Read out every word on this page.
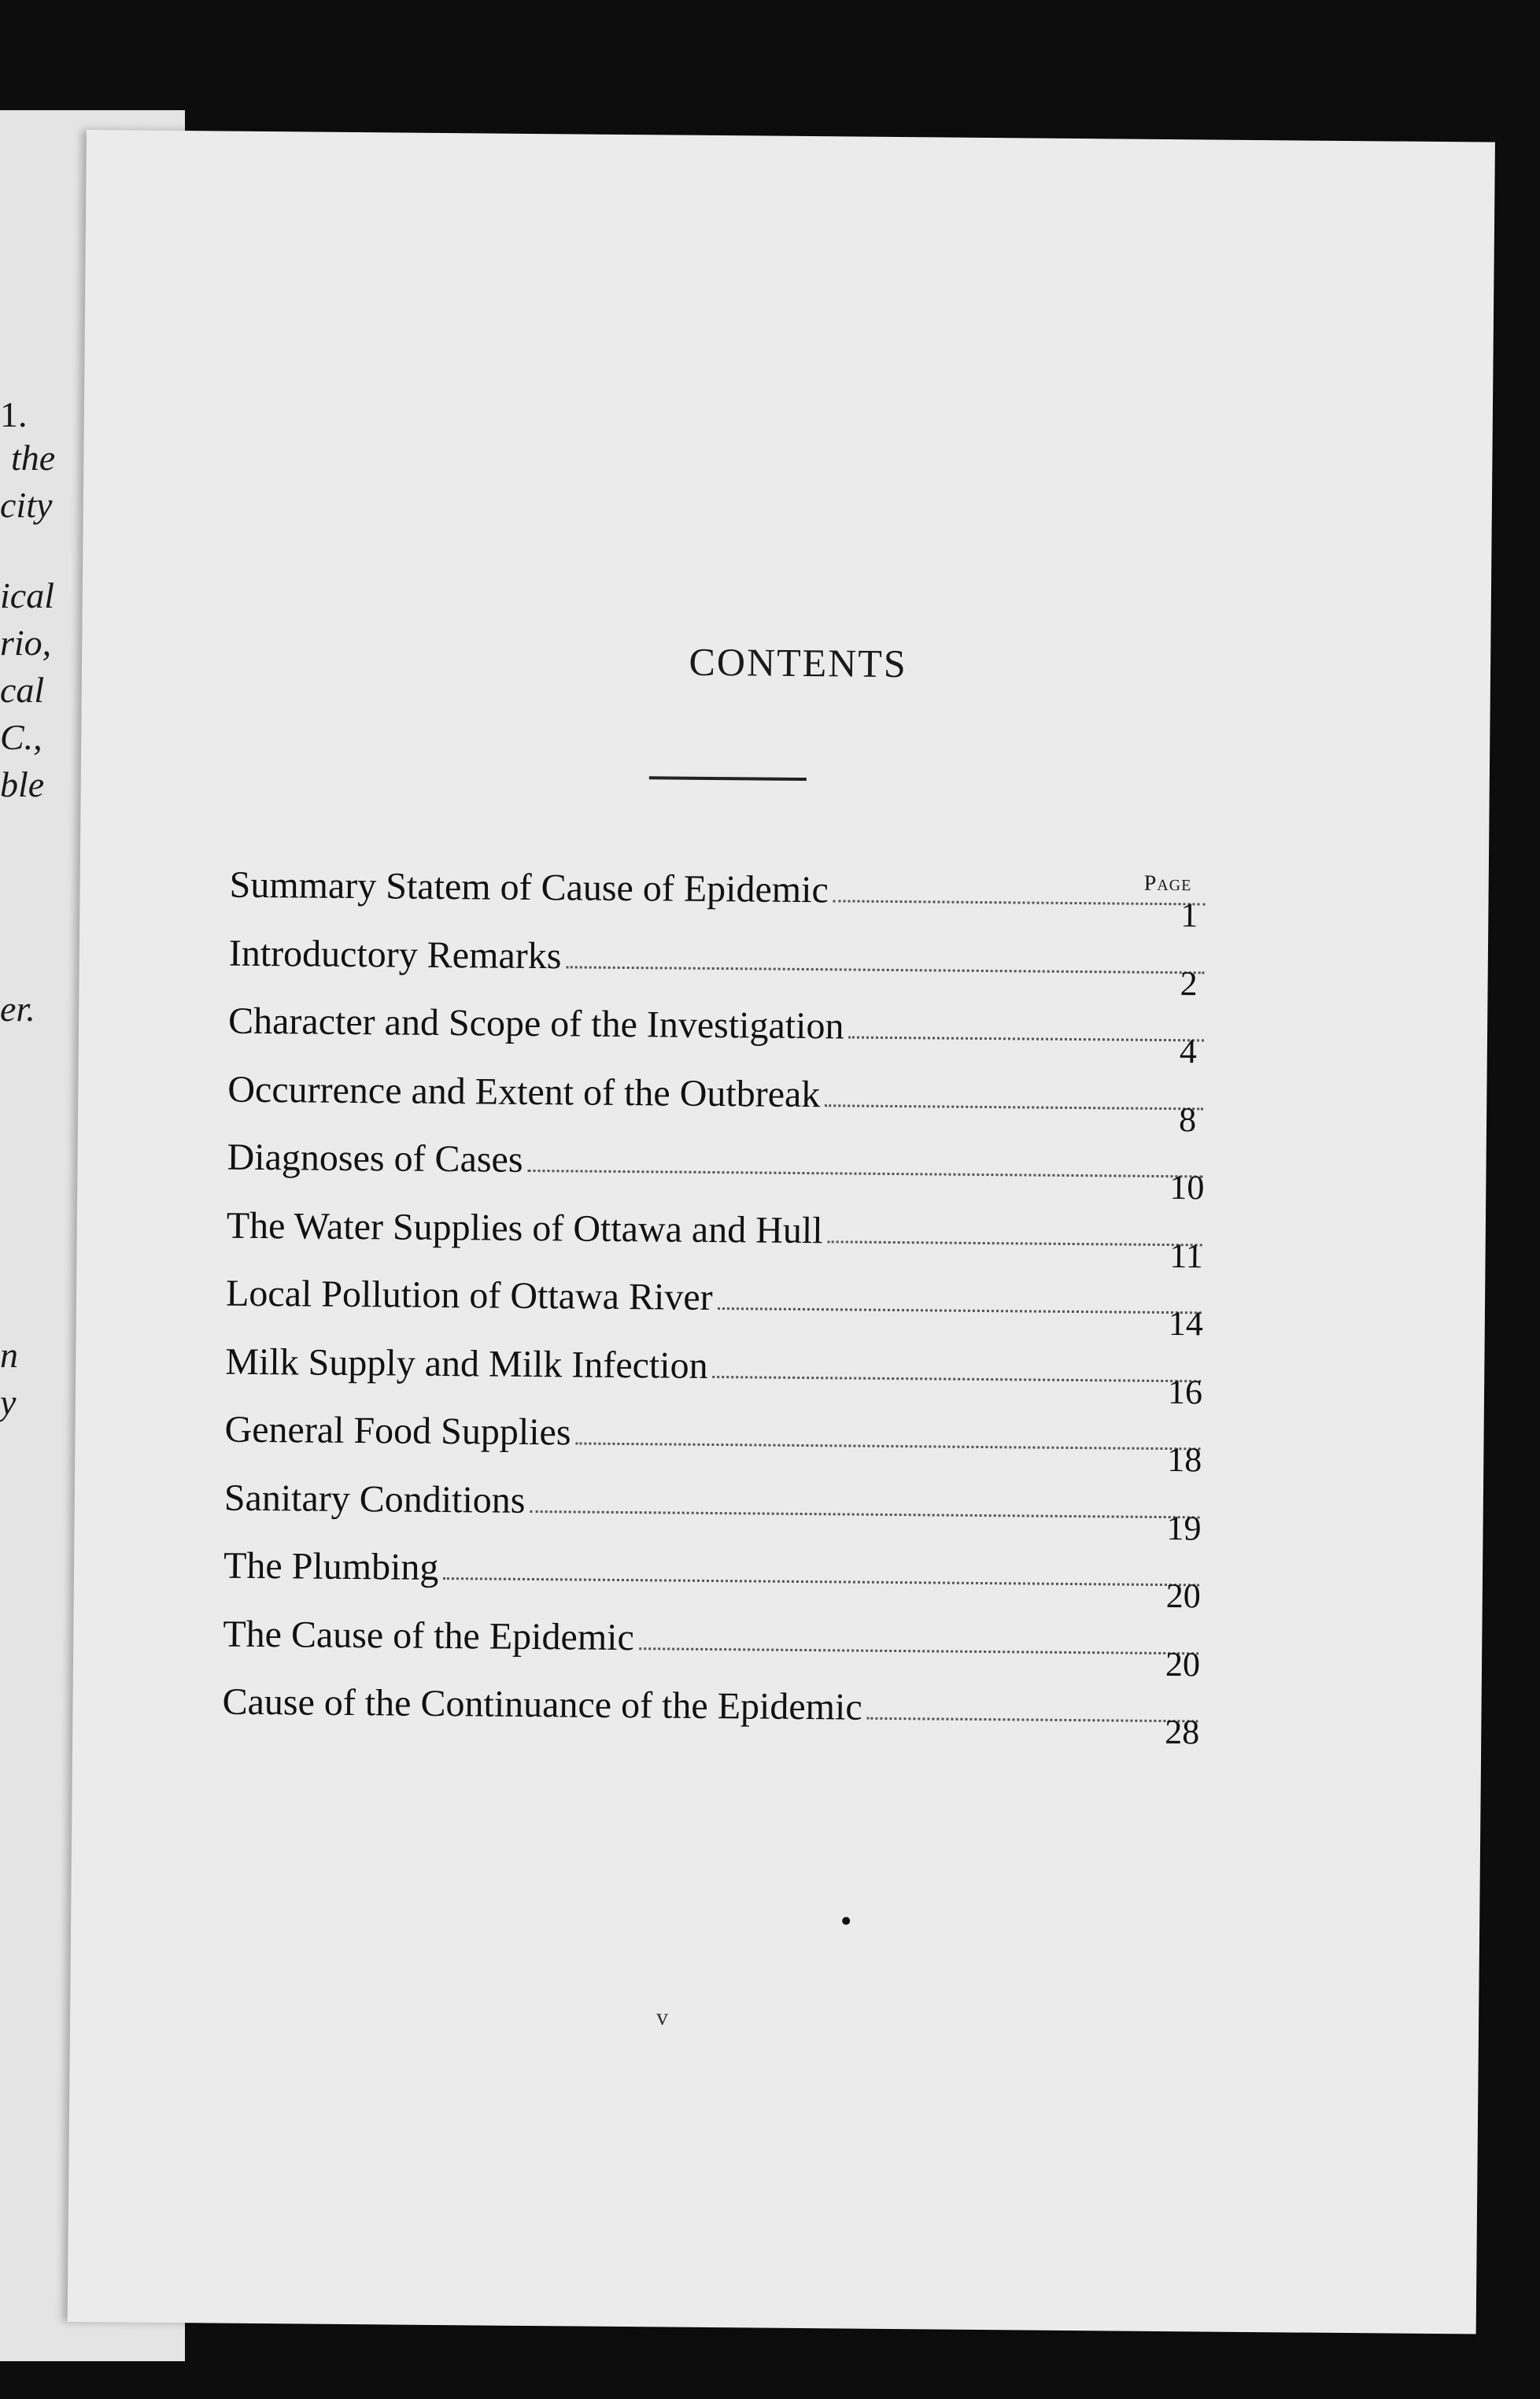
1.
the
city
ical
rio,
cal
C.,
ble
er.
n
y
CONTENTS
Page
Summary Statem of Cause of Epidemic
1
Introductory Remarks
2
Character and Scope of the Investigation
4
Occurrence and Extent of the Outbreak
8
Diagnoses of Cases
10
The Water Supplies of Ottawa and Hull
11
Local Pollution of Ottawa River
14
Milk Supply and Milk Infection
16
General Food Supplies
18
Sanitary Conditions
19
The Plumbing
20
The Cause of the Epidemic
20
Cause of the Continuance of the Epidemic
28
v
